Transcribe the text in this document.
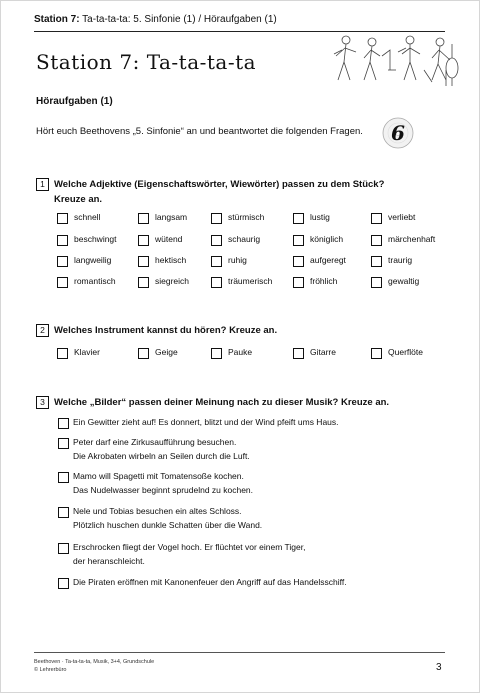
Station 7: Ta-ta-ta-ta: 5. Sinfonie (1) / Höraufgaben (1)
Station 7: Ta-ta-ta-ta
Höraufgaben (1)
Hört euch Beethovens „5. Sinfonie“ an und beantwortet die folgenden Fragen. 6
1 Welche Adjektive (Eigenschaftswörter, Wiewörter) passen zu dem Stück?
Kreuze an.
schnell	langsam	stürmisch	lustig	verliebt
beschwingt	wütend	schaurig	königlich	märchenhaft
langweilig	hektisch	ruhig	aufgeregt	traurig
romantisch	siegreich	träumerisch	fröhlich	gewaltig
2 Welches Instrument kannst du hören? Kreuze an.
Klavier	Geige	Pauke	Gitarre	Querflöte
3 Welche „Bilder“ passen deiner Meinung nach zu dieser Musik? Kreuze an.
Ein Gewitter zieht auf! Es donnert, blitzt und der Wind pfeift ums Haus.
Peter darf eine Zirkusaufführung besuchen.
Die Akrobaten wirbeln an Seilen durch die Luft.
Mamo will Spagetti mit Tomatensoße kochen.
Das Nudelwasser beginnt sprudelnd zu kochen.
Nele und Tobias besuchen ein altes Schloss.
Plötzlich huschen dunkle Schatten über die Wand.
Erschrocken fliegt der Vogel hoch. Er flüchtet vor einem Tiger,
der heranschleicht.
Die Piraten eröffnen mit Kanonenfeuer den Angriff auf das Handelsschiff.
Beethoven · Ta-ta-ta-ta, Musik, 3+4, Grundschule
© Lehrerbüro	3
